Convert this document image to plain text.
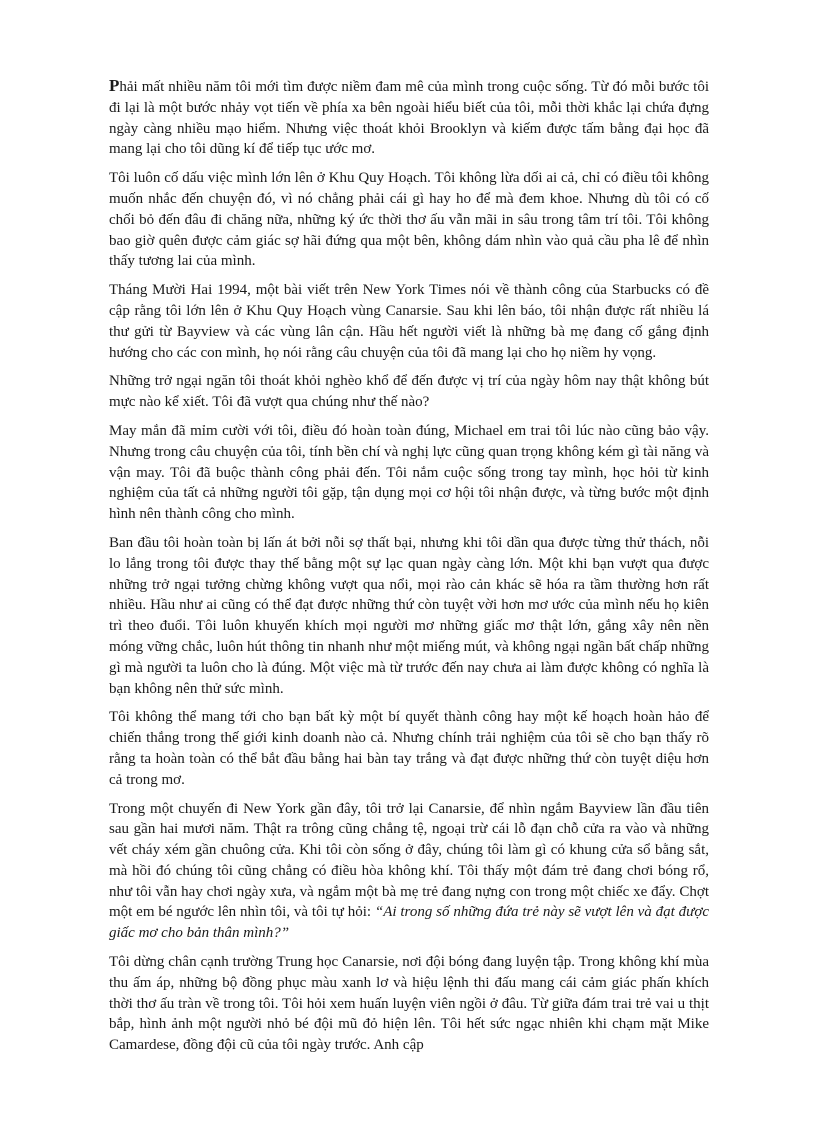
Phải mất nhiều năm tôi mới tìm được niềm đam mê của mình trong cuộc sống. Từ đó mỗi bước tôi đi lại là một bước nhảy vọt tiến về phía xa bên ngoài hiểu biết của tôi, mỗi thời khắc lại chứa đựng ngày càng nhiều mạo hiểm. Nhưng việc thoát khỏi Brooklyn và kiếm được tấm bằng đại học đã mang lại cho tôi dũng kí để tiếp tục ước mơ.

Tôi luôn cố dấu việc mình lớn lên ở Khu Quy Hoạch. Tôi không lừa dối ai cả, chỉ có điều tôi không muốn nhắc đến chuyện đó, vì nó chẳng phải cái gì hay ho để mà đem khoe. Nhưng dù tôi có cố chối bỏ đến đâu đi chăng nữa, những ký ức thời thơ ấu vẫn mãi in sâu trong tâm trí tôi. Tôi không bao giờ quên được cảm giác sợ hãi đứng qua một bên, không dám nhìn vào quả cầu pha lê để nhìn thấy tương lai của mình.

Tháng Mười Hai 1994, một bài viết trên New York Times nói về thành công của Starbucks có đề cập rằng tôi lớn lên ở Khu Quy Hoạch vùng Canarsie. Sau khi lên báo, tôi nhận được rất nhiều lá thư gửi từ Bayview và các vùng lân cận. Hầu hết người viết là những bà mẹ đang cố gắng định hướng cho các con mình, họ nói rằng câu chuyện của tôi đã mang lại cho họ niềm hy vọng.

Những trở ngại ngăn tôi thoát khỏi nghèo khổ để đến được vị trí của ngày hôm nay thật không bút mực nào kể xiết. Tôi đã vượt qua chúng như thế nào?

May mắn đã mỉm cười với tôi, điều đó hoàn toàn đúng, Michael em trai tôi lúc nào cũng bảo vậy. Nhưng trong câu chuyện của tôi, tính bền chí và nghị lực cũng quan trọng không kém gì tài năng và vận may. Tôi đã buộc thành công phải đến. Tôi nắm cuộc sống trong tay mình, học hỏi từ kinh nghiệm của tất cả những người tôi gặp, tận dụng mọi cơ hội tôi nhận được, và từng bước một định hình nên thành công cho mình.

Ban đầu tôi hoàn toàn bị lấn át bởi nỗi sợ thất bại, nhưng khi tôi dần qua được từng thử thách, nỗi lo lắng trong tôi được thay thế bằng một sự lạc quan ngày càng lớn. Một khi bạn vượt qua được những trở ngại tưởng chừng không vượt qua nổi, mọi rào cản khác sẽ hóa ra tầm thường hơn rất nhiều. Hầu như ai cũng có thể đạt được những thứ còn tuyệt vời hơn mơ ước của mình nếu họ kiên trì theo đuổi. Tôi luôn khuyến khích mọi người mơ những giấc mơ thật lớn, gắng xây nên nền móng vững chắc, luôn hút thông tin nhanh như một miếng mút, và không ngại ngần bất chấp những gì mà người ta luôn cho là đúng. Một việc mà từ trước đến nay chưa ai làm được không có nghĩa là bạn không nên thử sức mình.

Tôi không thể mang tới cho bạn bất kỳ một bí quyết thành công hay một kế hoạch hoàn hảo để chiến thắng trong thế giới kinh doanh nào cả. Nhưng chính trải nghiệm của tôi sẽ cho bạn thấy rõ rằng ta hoàn toàn có thể bắt đầu bằng hai bàn tay trắng và đạt được những thứ còn tuyệt diệu hơn cả trong mơ.

Trong một chuyến đi New York gần đây, tôi trở lại Canarsie, để nhìn ngắm Bayview lần đầu tiên sau gần hai mươi năm. Thật ra trông cũng chẳng tệ, ngoại trừ cái lỗ đạn chỗ cửa ra vào và những vết cháy xém gần chuông cửa. Khi tôi còn sống ở đây, chúng tôi làm gì có khung cửa sổ bằng sắt, mà hồi đó chúng tôi cũng chẳng có điều hòa không khí. Tôi thấy một đám trẻ đang chơi bóng rổ, như tôi vẫn hay chơi ngày xưa, và ngắm một bà mẹ trẻ đang nựng con trong một chiếc xe đẩy. Chợt một em bé ngước lên nhìn tôi, và tôi tự hỏi: “Ai trong số những đứa trẻ này sẽ vượt lên và đạt được giấc mơ cho bản thân mình?”

Tôi dừng chân cạnh trường Trung học Canarsie, nơi đội bóng đang luyện tập. Trong không khí mùa thu ấm áp, những bộ đồng phục màu xanh lơ và hiệu lệnh thi đấu mang cái cảm giác phấn khích thời thơ ấu tràn về trong tôi. Tôi hỏi xem huấn luyện viên ngồi ở đâu. Từ giữa đám trai trẻ vai u thịt bắp, hình ảnh một người nhỏ bé đội mũ đỏ hiện lên. Tôi hết sức ngạc nhiên khi chạm mặt Mike Camardese, đồng đội cũ của tôi ngày trước. Anh cập
